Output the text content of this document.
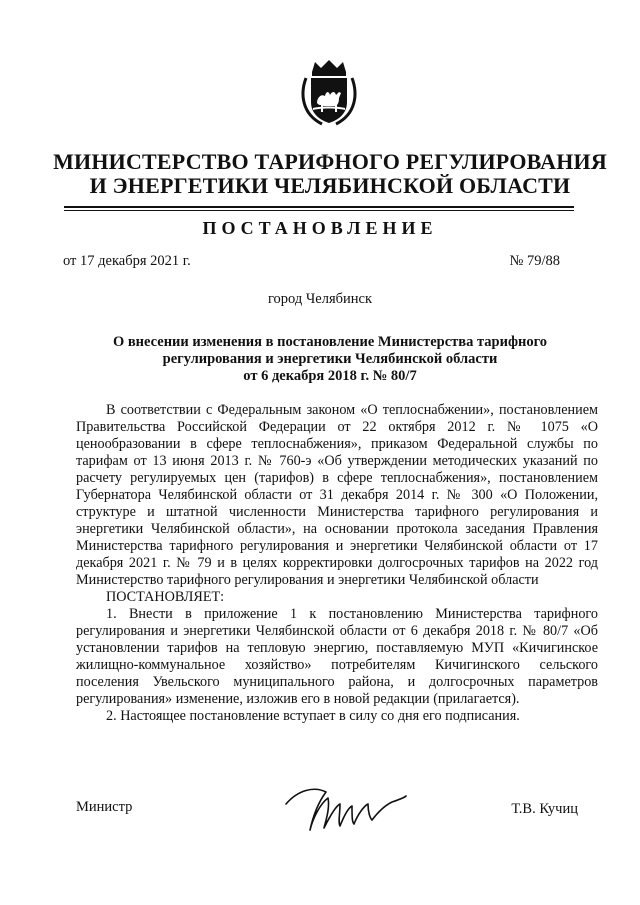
МИНИСТЕРСТВО ТАРИФНОГО РЕГУЛИРОВАНИЯ
И ЭНЕРГЕТИКИ ЧЕЛЯБИНСКОЙ ОБЛАСТИ
ПОСТАНОВЛЕНИЕ
от 17 декабря 2021 г.	№ 79/88
город Челябинск
О внесении изменения в постановление Министерства тарифного
регулирования и энергетики Челябинской области
от 6 декабря 2018 г. № 80/7

В соответствии с Федеральным законом «О теплоснабжении», постановлением Правительства Российской Федерации от 22 октября 2012 г. № 1075 «О ценообразовании в сфере теплоснабжения», приказом Федеральной службы по тарифам от 13 июня 2013 г. № 760-э «Об утверждении методических указаний по расчету регулируемых цен (тарифов) в сфере теплоснабжения», постановлением Губернатора Челябинской области от 31 декабря 2014 г. № 300 «О Положении, структуре и штатной численности Министерства тарифного регулирования и энергетики Челябинской области», на основании протокола заседания Правления Министерства тарифного регулирования и энергетики Челябинской области от 17 декабря 2021 г. № 79 и в целях корректировки долгосрочных тарифов на 2022 год Министерство тарифного регулирования и энергетики Челябинской области

ПОСТАНОВЛЯЕТ:

1. Внести в приложение 1 к постановлению Министерства тарифного регулирования и энергетики Челябинской области от 6 декабря 2018 г. № 80/7 «Об установлении тарифов на тепловую энергию, поставляемую МУП «Кичигинское жилищно-коммунальное хозяйство» потребителям Кичигинского сельского поселения Увельского муниципального района, и долгосрочных параметров регулирования» изменение, изложив его в новой редакции (прилагается).

2. Настоящее постановление вступает в силу со дня его подписания.

Министр	Т.В. Кучиц
